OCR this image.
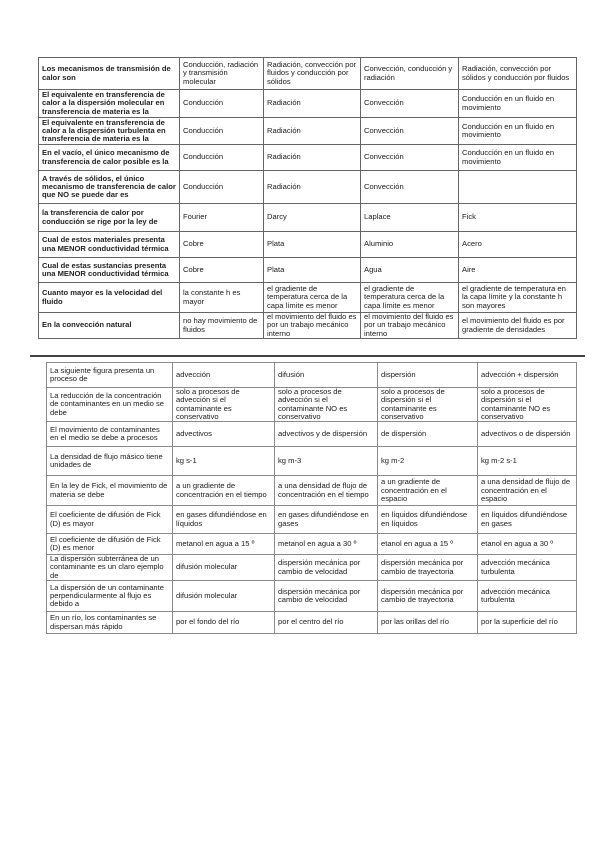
Los mecanismos de transmisión de calor son	Conducción, radiación y transmisión molecular	Radiación, convección por fluidos y conducción por sólidos	Convección, conducción y radiación	Radiación, convección por sólidos y conducción por fluidos
El equivalente en transferencia de calor a la dispersión molecular en transferencia de materia es la	Conducción	Radiación	Convección	Conducción en un fluido en movimiento
El equivalente en transferencia de calor a la dispersión turbulenta en transferencia de materia es la	Conducción	Radiación	Convección	Conducción en un fluido en movimiento
En el vacío, el único mecanismo de transferencia de calor posible es la	Conducción	Radiación	Convección	Conducción en un fluido en movimiento
A través de sólidos, el único mecanismo de transferencia de calor que NO se puede dar es	Conducción	Radiación	Convección	
la transferencia de calor por conducción se rige por la ley de	Fourier	Darcy	Laplace	Fick
Cual de estos materiales presenta una MENOR conductividad térmica	Cobre	Plata	Aluminio	Acero
Cual de estas sustancias presenta una MENOR conductividad térmica	Cobre	Plata	Agua	Aire
Cuanto mayor es la velocidad del fluido	la constante h es mayor	el gradiente de temperatura cerca de la capa límite es menor	el gradiente de temperatura cerca de la capa límite es menor	el gradiente de temperatura en la capa límite y la constante h son mayores
En la convección natural	no hay movimiento de fluidos	el movimiento del fluido es por un trabajo mecánico interno	el movimiento del fluido es por un trabajo mecánico interno	el movimiento del fluido es por gradiente de densidades
La siguiente figura presenta un proceso de	advección	difusión	dispersión	advección + dispersión
La reducción de la concentración de contaminantes en un medio se debe	solo a procesos de advección si el contaminante es conservativo	solo a procesos de advección si el contaminante NO es conservativo	solo a procesos de dispersión si el contaminante es conservativo	solo a procesos de dispersión si el contaminante NO es conservativo
El movimiento de contaminantes en el medio se debe a procesos	advectivos	advectivos y de dispersión	de dispersión	advectivos o de dispersión
La densidad de flujo másico tiene unidades de	kg s-1	kg m-3	kg m-2	kg m-2 s-1
En la ley de Fick, el movimiento de materia se debe	a un gradiente de concentración en el tiempo	a una densidad de flujo de concentración en el tiempo	a un gradiente de concentración en el espacio	a una densidad de flujo de concentración en el espacio
El coeficiente de difusión de Fick (D) es mayor	en gases difundiéndose en líquidos	en gases difundiéndose en gases	en líquidos difundiéndose en líquidos	en líquidos difundiéndose en gases
El coeficiente de difusión de Fick (D) es menor	metanol en agua a 15 º	metanol en agua a 30 º	etanol en agua a 15 º	etanol en agua a 30 º
La dispersión subterránea de un contaminante es un claro ejemplo de	difusión molecular	dispersión mecánica por cambio de velocidad	dispersión mecánica por cambio de trayectoria	advección mecánica turbulenta
La dispersión de un contaminante perpendicularmente al flujo es debido a	difusión molecular	dispersión mecánica por cambio de velocidad	dispersión mecánica por cambio de trayectoria	advección mecánica turbulenta
En un río, los contaminantes se dispersan más rápido	por el fondo del río	por el centro del río	por las orillas del río	por la superficie del río
